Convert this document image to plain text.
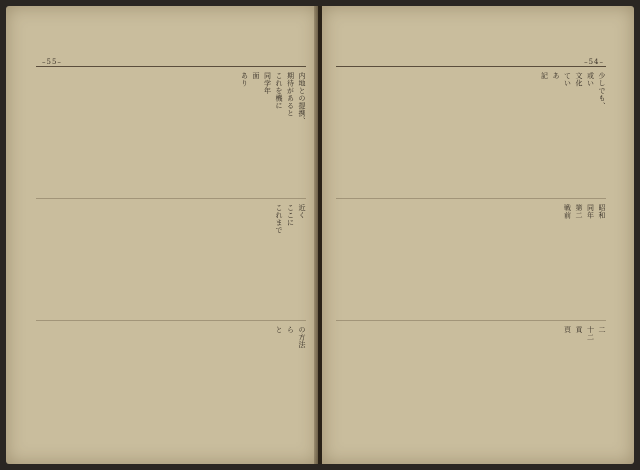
–55–
内地との提携、
期待があると
これを機に
同学年
面
あり
近く
ここに
これまで
の方法
ら
と
–54–
少しでも、
或い
文化
てい
あ
記
昭和
同年
第二
戦前
二
十二
貢
頁
